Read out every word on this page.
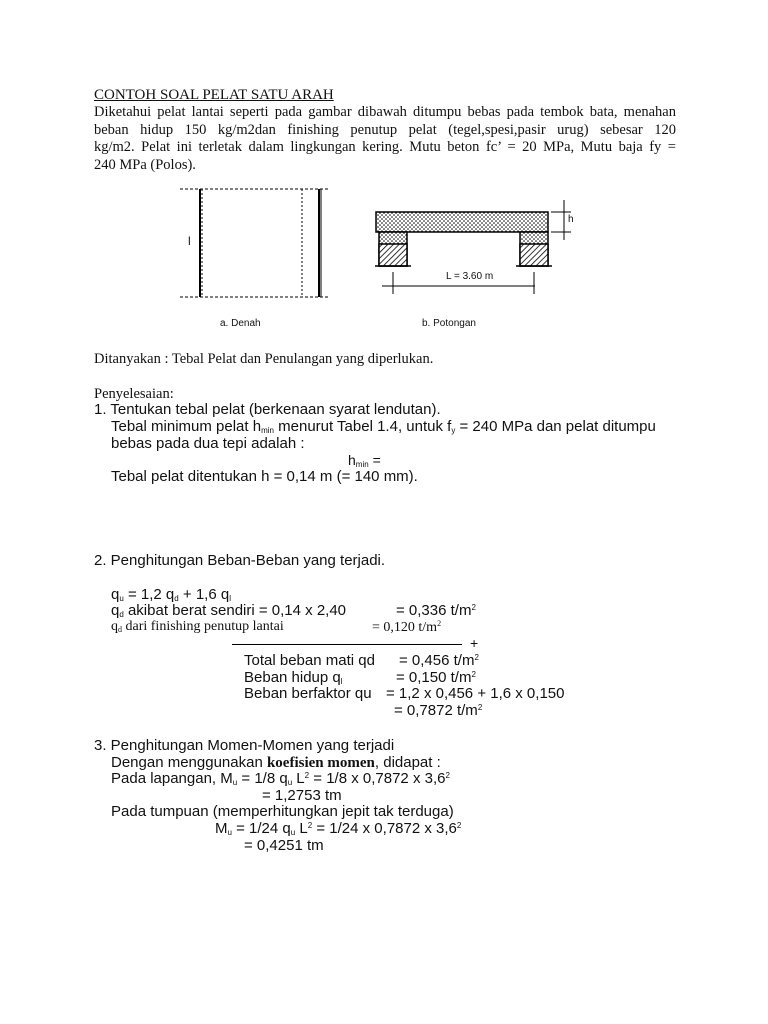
CONTOH SOAL PELAT SATU ARAH
Diketahui pelat lantai seperti pada gambar dibawah ditumpu bebas pada tembok bata, menahan
beban hidup 150 kg/m2dan finishing penutup pelat (tegel,spesi,pasir urug) sebesar 120
kg/m2. Pelat ini terletak dalam lingkungan kering. Mutu beton fc’ = 20 MPa, Mutu baja fy =
240 MPa (Polos).
l
a. Denah
h
L = 3.60 m
b. Potongan
Ditanyakan : Tebal Pelat dan Penulangan yang diperlukan.
Penyelesaian:
1. Tentukan tebal pelat (berkenaan syarat lendutan).
Tebal minimum pelat $h_{min}$ menurut Tabel 1.4, untuk $f_y = 240$ MPa dan pelat ditumpu
bebas pada dua tepi adalah :
$h_{min}$ =
Tebal pelat ditentukan h = 0,14 m (= 140 mm).
2. Penghitungan Beban-Beban yang terjadi.
$q_u = 1,2$ $q_d + 1,6$ $q_l$
$q_d$ akibat berat sendiri = 0,14 x 2,40	= 0,336 $t/m^2$
$q_d$ dari finishing penutup lantai	= 0,120 $t/m^2$
+
Total beban mati qd = 0,456 $t/m^2$
Beban hidup $q_l$	= 0,150 $t/m^2$
Beban berfaktor qu = 1,2 x 0,456 + 1,6 x 0,150
= 0,7872 $t/m^2$
3. Penghitungan Momen-Momen yang terjadi
Dengan menggunakan koefisien momen, didapat :
Pada lapangan, $M_u = 1/8$ $q_u$ $L^2 = 1/8$ x 0,7872 x $3,6^2$
= 1,2753 tm
Pada tumpuan (memperhitungkan jepit tak terduga)
$M_u = 1/24$ $q_u$ $L^2 = 1/24$ x 0,7872 x $3,6^2$
= 0,4251 tm
